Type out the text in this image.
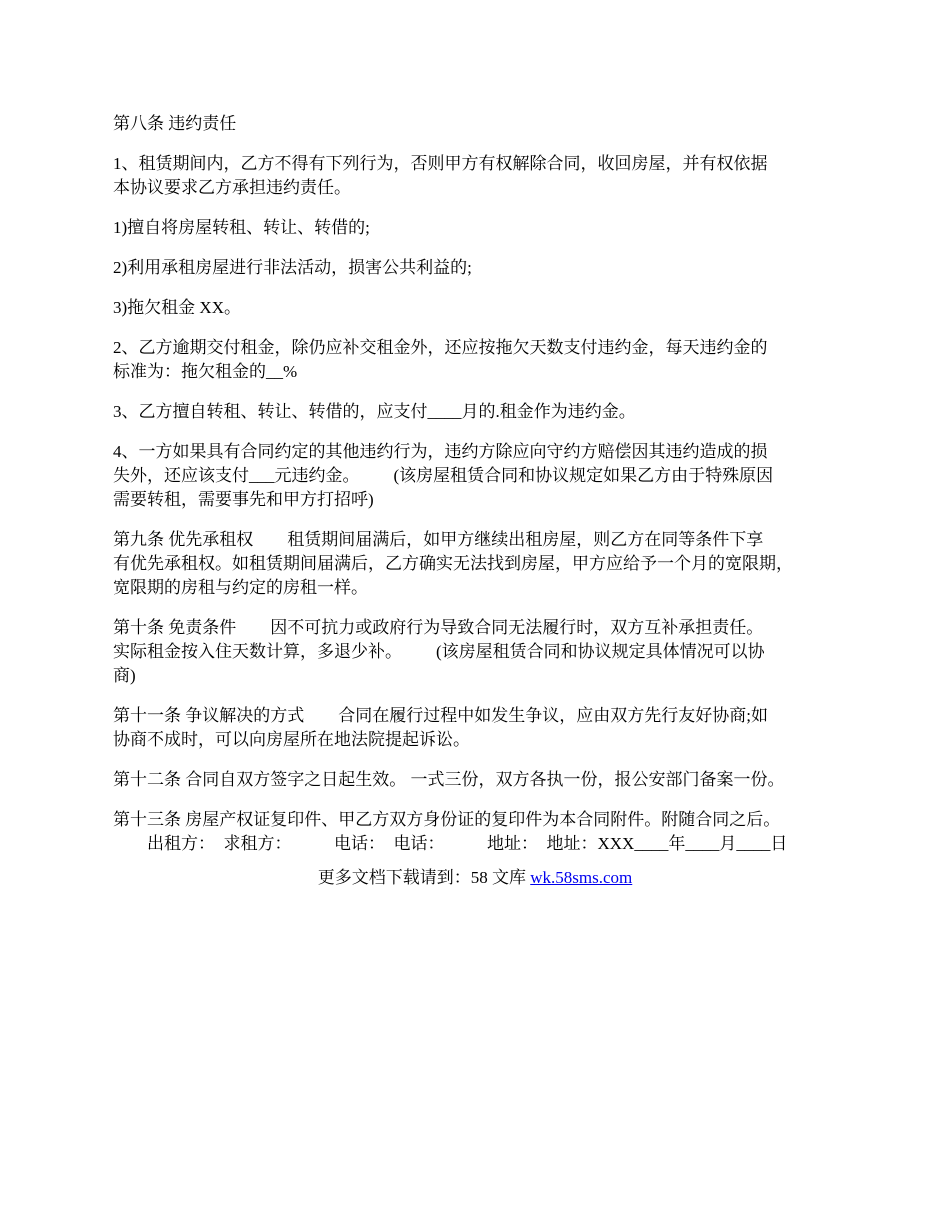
第八条 违约责任

1、租赁期间内，乙方不得有下列行为，否则甲方有权解除合同，收回房屋，并有权依据
本协议要求乙方承担违约责任。

1)擅自将房屋转租、转让、转借的;

2)利用承租房屋进行非法活动，损害公共利益的;

3)拖欠租金 XX。

2、乙方逾期交付租金，除仍应补交租金外，还应按拖欠天数支付违约金，每天违约金的
标准为：拖欠租金的__%

3、乙方擅自转租、转让、转借的，应支付____月的.租金作为违约金。

4、一方如果具有合同约定的其他违约行为，违约方除应向守约方赔偿因其违约造成的损
失外，还应该支付___元违约金。        (该房屋租赁合同和协议规定如果乙方由于特殊原因
需要转租，需要事先和甲方打招呼)

第九条 优先承租权        租赁期间届满后，如甲方继续出租房屋，则乙方在同等条件下享
有优先承租权。如租赁期间届满后，乙方确实无法找到房屋，甲方应给予一个月的宽限期，
宽限期的房租与约定的房租一样。

第十条 免责条件        因不可抗力或政府行为导致合同无法履行时，双方互补承担责任。
实际租金按入住天数计算，多退少补。        (该房屋租赁合同和协议规定具体情况可以协
商)

第十一条 争议解决的方式        合同在履行过程中如发生争议，应由双方先行友好协商;如
协商不成时，可以向房屋所在地法院提起诉讼。

第十二条 合同自双方签字之日起生效。 一式三份，双方各执一份，报公安部门备案一份。

第十三条 房屋产权证复印件、甲乙方双方身份证的复印件为本合同附件。附随合同之后。
出租方：  求租方：          电话：  电话：          地址：  地址：XXX____年____月____日

更多文档下载请到：58 文库 wk.58sms.com
